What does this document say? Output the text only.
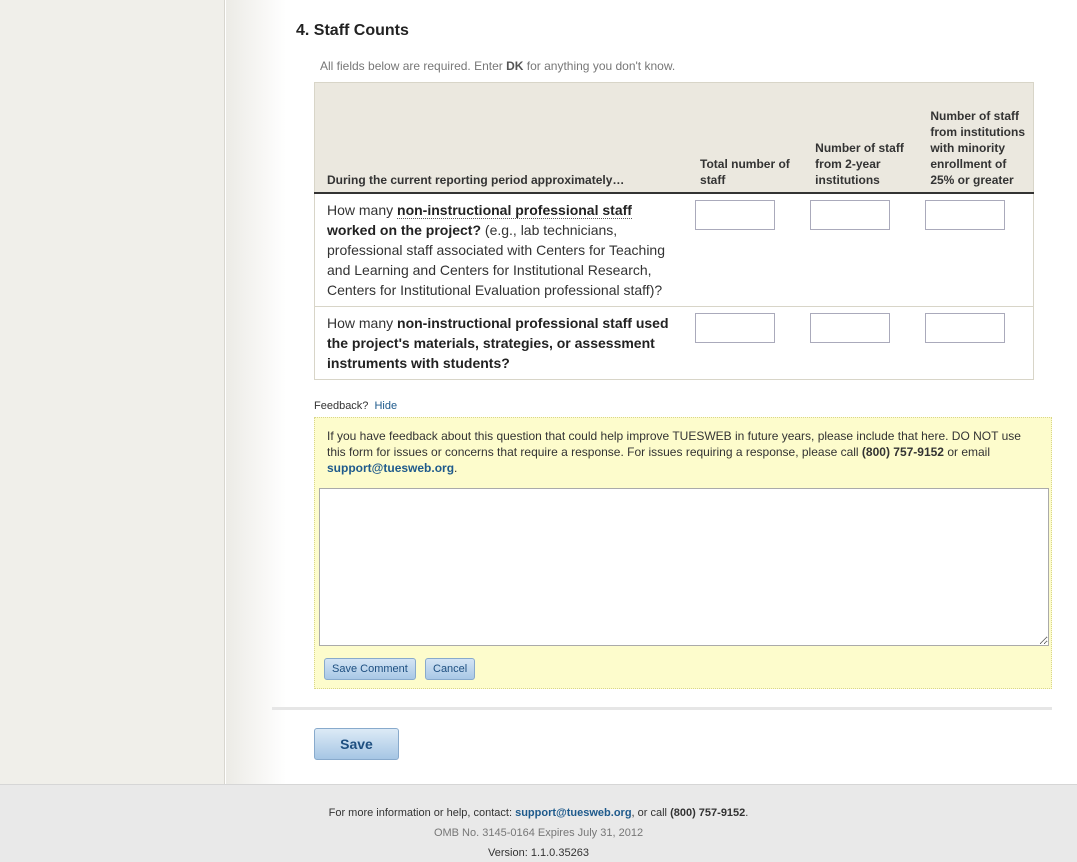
4. Staff Counts
All fields below are required. Enter DK for anything you don't know.
During the current reporting period approximately…	Total number of staff	Number of staff from 2-year institutions	Number of staff from institutions with minority enrollment of 25% or greater
How many non-instructional professional staff worked on the project? (e.g., lab technicians, professional staff associated with Centers for Teaching and Learning and Centers for Institutional Research, Centers for Institutional Evaluation professional staff)?			
How many non-instructional professional staff used the project's materials, strategies, or assessment instruments with students?			
Feedback? Hide
If you have feedback about this question that could help improve TUESWEB in future years, please include that here. DO NOT use this form for issues or concerns that require a response. For issues requiring a response, please call (800) 757-9152 or email support@tuesweb.org.
Save Comment	Cancel
Save
For more information or help, contact: support@tuesweb.org, or call (800) 757-9152.
OMB No. 3145-0164 Expires July 31, 2012
Version: 1.1.0.35263
